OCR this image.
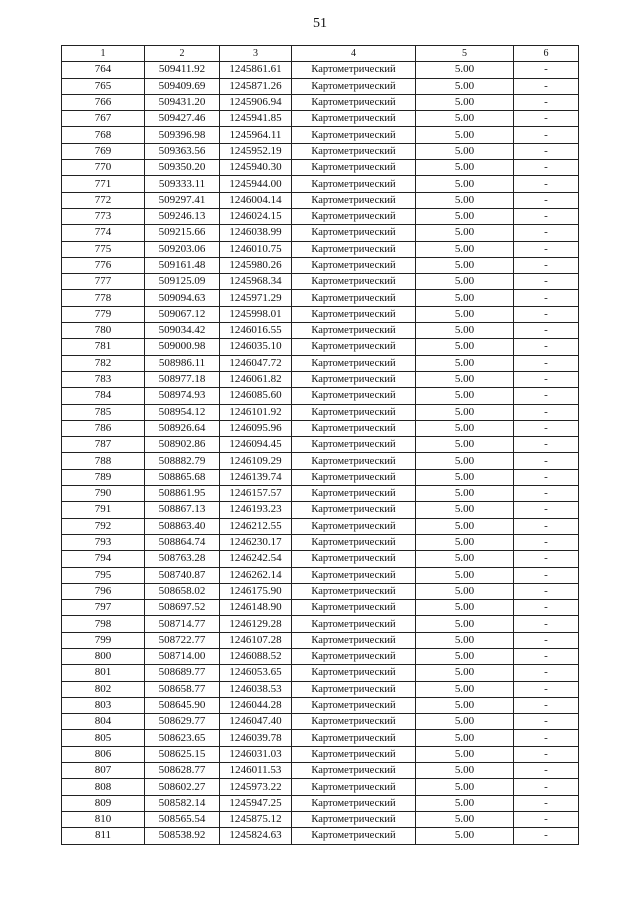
51
1	2	3	4	5	6
764	509411.92	1245861.61	Картометрический	5.00	-
765	509409.69	1245871.26	Картометрический	5.00	-
766	509431.20	1245906.94	Картометрический	5.00	-
767	509427.46	1245941.85	Картометрический	5.00	-
768	509396.98	1245964.11	Картометрический	5.00	-
769	509363.56	1245952.19	Картометрический	5.00	-
770	509350.20	1245940.30	Картометрический	5.00	-
771	509333.11	1245944.00	Картометрический	5.00	-
772	509297.41	1246004.14	Картометрический	5.00	-
773	509246.13	1246024.15	Картометрический	5.00	-
774	509215.66	1246038.99	Картометрический	5.00	-
775	509203.06	1246010.75	Картометрический	5.00	-
776	509161.48	1245980.26	Картометрический	5.00	-
777	509125.09	1245968.34	Картометрический	5.00	-
778	509094.63	1245971.29	Картометрический	5.00	-
779	509067.12	1245998.01	Картометрический	5.00	-
780	509034.42	1246016.55	Картометрический	5.00	-
781	509000.98	1246035.10	Картометрический	5.00	-
782	508986.11	1246047.72	Картометрический	5.00	-
783	508977.18	1246061.82	Картометрический	5.00	-
784	508974.93	1246085.60	Картометрический	5.00	-
785	508954.12	1246101.92	Картометрический	5.00	-
786	508926.64	1246095.96	Картометрический	5.00	-
787	508902.86	1246094.45	Картометрический	5.00	-
788	508882.79	1246109.29	Картометрический	5.00	-
789	508865.68	1246139.74	Картометрический	5.00	-
790	508861.95	1246157.57	Картометрический	5.00	-
791	508867.13	1246193.23	Картометрический	5.00	-
792	508863.40	1246212.55	Картометрический	5.00	-
793	508864.74	1246230.17	Картометрический	5.00	-
794	508763.28	1246242.54	Картометрический	5.00	-
795	508740.87	1246262.14	Картометрический	5.00	-
796	508658.02	1246175.90	Картометрический	5.00	-
797	508697.52	1246148.90	Картометрический	5.00	-
798	508714.77	1246129.28	Картометрический	5.00	-
799	508722.77	1246107.28	Картометрический	5.00	-
800	508714.00	1246088.52	Картометрический	5.00	-
801	508689.77	1246053.65	Картометрический	5.00	-
802	508658.77	1246038.53	Картометрический	5.00	-
803	508645.90	1246044.28	Картометрический	5.00	-
804	508629.77	1246047.40	Картометрический	5.00	-
805	508623.65	1246039.78	Картометрический	5.00	-
806	508625.15	1246031.03	Картометрический	5.00	-
807	508628.77	1246011.53	Картометрический	5.00	-
808	508602.27	1245973.22	Картометрический	5.00	-
809	508582.14	1245947.25	Картометрический	5.00	-
810	508565.54	1245875.12	Картометрический	5.00	-
811	508538.92	1245824.63	Картометрический	5.00	-
